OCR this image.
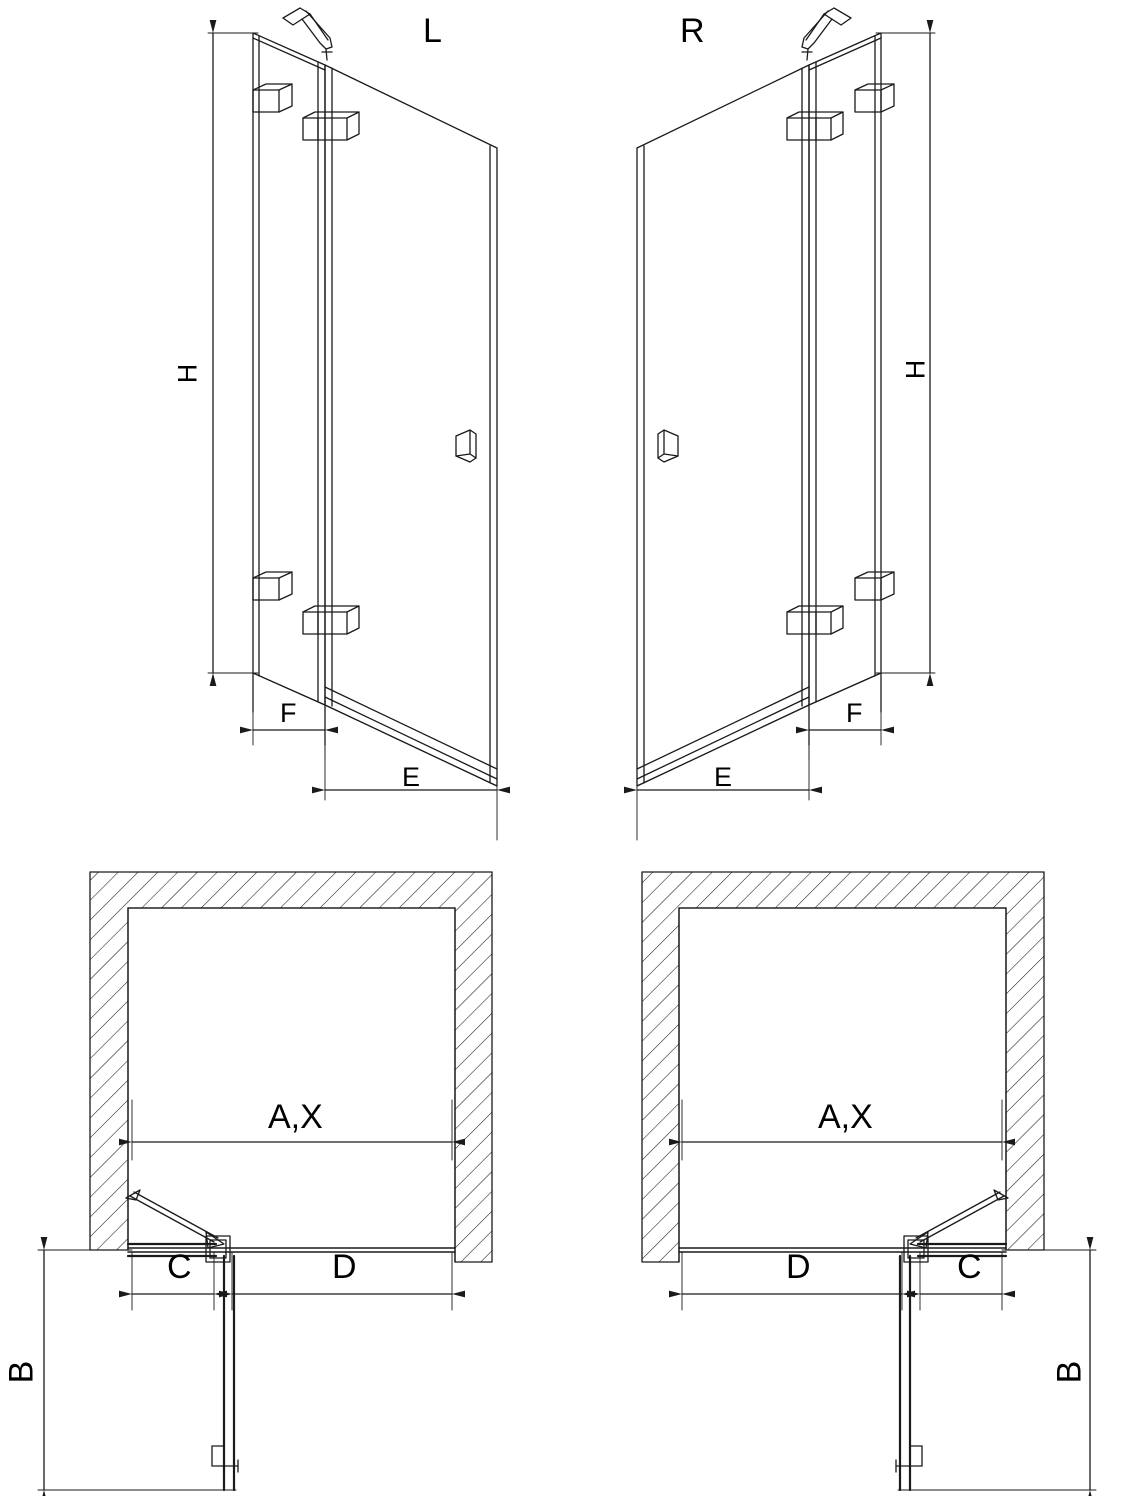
L	R
H	H
F	F
E	E
A,X	A,X
C	D	D	C
B	B
